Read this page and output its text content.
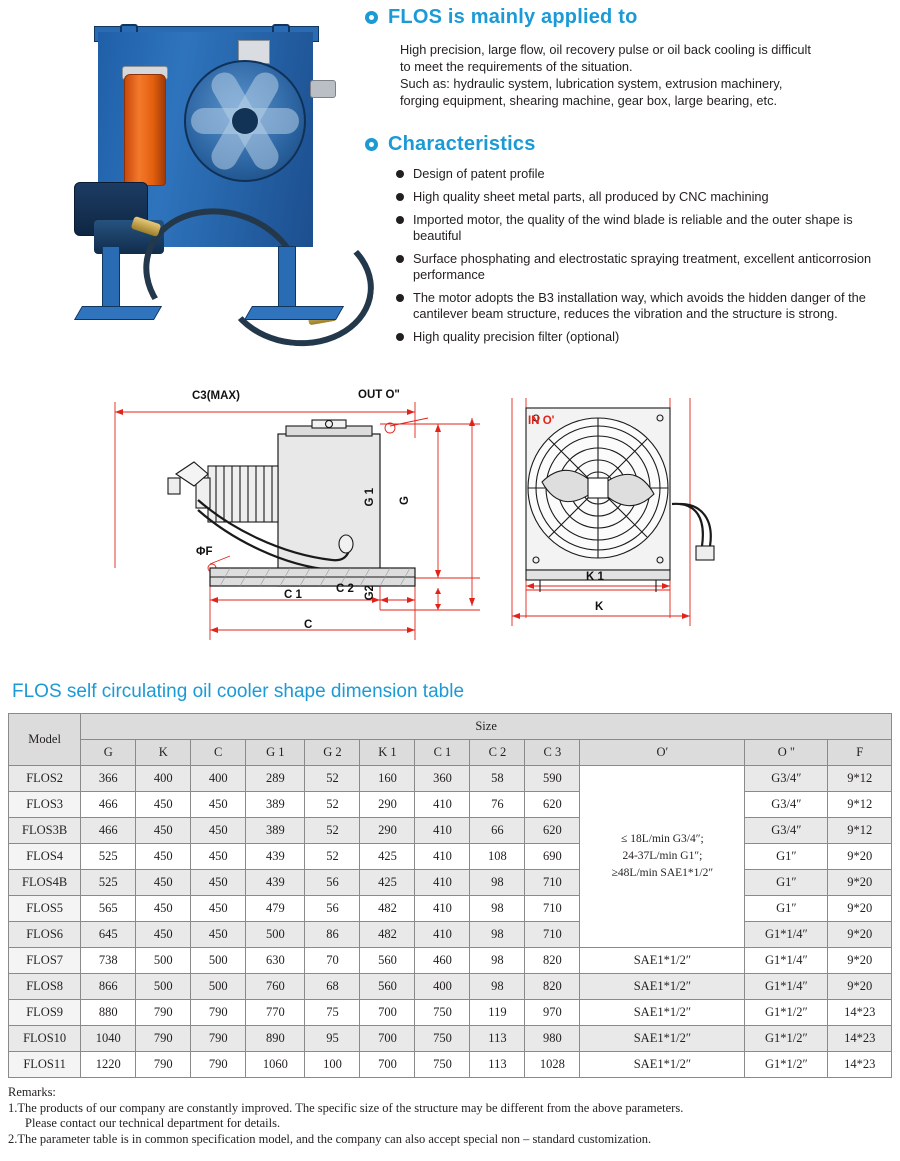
FLOS is mainly applied to
High precision, large flow, oil recovery pulse or oil back cooling is difficult
to meet the requirements of the situation.
Such as: hydraulic system, lubrication system, extrusion machinery,
forging equipment, shearing machine, gear box, large bearing, etc.
Characteristics
Design of patent profile
High quality sheet metal parts, all produced by CNC machining
Imported motor, the quality of the wind blade is reliable and the outer shape is beautiful
Surface phosphating and electrostatic spraying treatment, excellent anticorrosion performance
The motor adopts the B3 installation way, which avoids the hidden danger of the cantilever beam structure, reduces the vibration and the structure is strong.
High quality precision filter (optional)
C3(MAX)	OUT O"
G 1 G
G2
ΦF
C 1	C 2
C
IN O'
K 1
K
FLOS self circulating oil cooler shape dimension table
Model	Size											
	G	K	C	G 1	G 2	K 1	C 1	C 2	C 3	O′	O "	F
FLOS2	366	400	400	289	52	160	360	58	590	≤ 18L/min G3/4″;
24-37L/min G1″;
≥48L/min SAE1*1/2″	G3/4″	9*12
FLOS3	466	450	450	389	52	290	410	76	620		G3/4″	9*12
FLOS3B	466	450	450	389	52	290	410	66	620		G3/4″	9*12
FLOS4	525	450	450	439	52	425	410	108	690		G1″	9*20
FLOS4B	525	450	450	439	56	425	410	98	710		G1″	9*20
FLOS5	565	450	450	479	56	482	410	98	710		G1″	9*20
FLOS6	645	450	450	500	86	482	410	98	710		G1*1/4″	9*20
FLOS7	738	500	500	630	70	560	460	98	820	SAE1*1/2″	G1*1/4″	9*20
FLOS8	866	500	500	760	68	560	400	98	820	SAE1*1/2″	G1*1/4″	9*20
FLOS9	880	790	790	770	75	700	750	119	970	SAE1*1/2″	G1*1/2″	14*23
FLOS10	1040	790	790	890	95	700	750	113	980	SAE1*1/2″	G1*1/2″	14*23
FLOS11	1220	790	790	1060	100	700	750	113	1028	SAE1*1/2″	G1*1/2″	14*23
Remarks:
1.The products of our company are constantly improved. The specific size of the structure may be different from the above parameters.
Please contact our technical department for details.
2.The parameter table is in common specification model, and the company can also accept special non – standard customization.
